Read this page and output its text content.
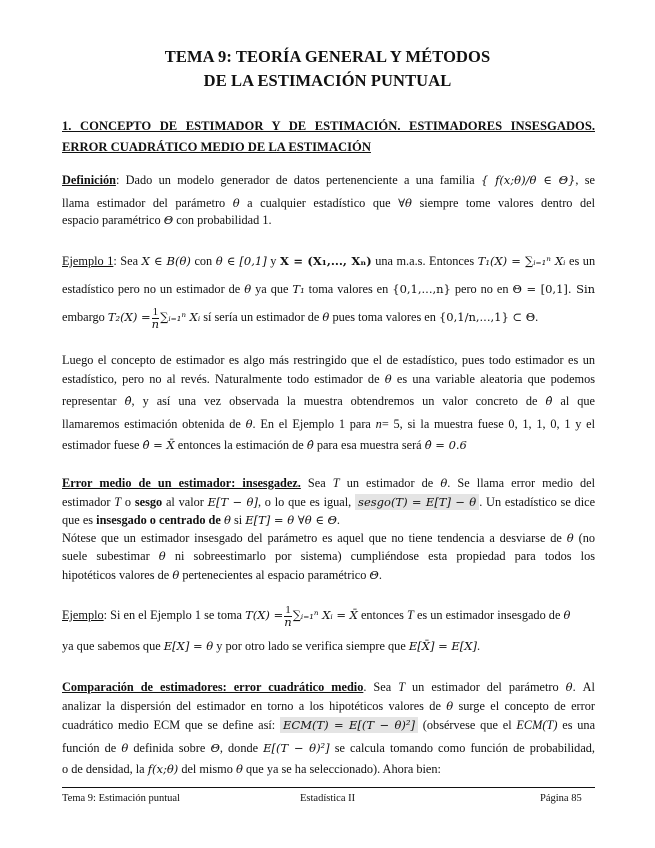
TEMA 9: TEORÍA GENERAL Y MÉTODOS
DE LA ESTIMACIÓN PUNTUAL
1. CONCEPTO DE ESTIMADOR Y DE ESTIMACIÓN. ESTIMADORES INSESGADOS. ERROR CUADRÁTICO MEDIO DE LA ESTIMACIÓN
Definición: Dado un modelo generador de datos pertenenciente a una familia { f(x;θ)/θ ∈ Θ}, se
llama estimador del parámetro θ a cualquier estadístico que ∀θ siempre tome valores dentro del
espacio paramétrico Θ con probabilidad 1.
Ejemplo 1: Sea X ∈ B(θ) con θ ∈ [0,1] y X = (X₁,..., Xₙ) una m.a.s. Entonces T₁(X) = ∑ᵢ₌₁ⁿ Xᵢ es un
estadístico pero no un estimador de θ ya que T₁ toma valores en {0,1,...,n} pero no en Θ = [0,1]. Sin
embargo $T_2(X) = \frac{1}{n}$ ∑ᵢ₌₁ⁿ Xᵢ sí sería un estimador de θ pues toma valores en {0,1/n,...,1} ⊂ Θ.
Luego el concepto de estimador es algo más restringido que el de estadístico, pues todo estimador es un
estadístico, pero no al revés. Naturalmente todo estimador de θ es una variable aleatoria que podemos
representar θ̂, y así una vez observada la muestra obtendremos un valor concreto de θ̂ al que
llamaremos estimación obtenida de θ. En el Ejemplo 1 para n= 5, si la muestra fuese 0, 1, 1, 0, 1 y el
estimador fuese θ̂ = X̄ entonces la estimación de θ̂ para esa muestra será θ̂ = 0.6
Error medio de un estimador: insesgadez. Sea T un estimador de θ. Se llama error medio del
estimador T o sesgo al valor E[T − θ], o lo que es igual, sesgo(T) = E[T] − θ . Un estadístico se dice
que es insesgado o centrado de θ si E[T] = θ ∀θ ∈ Θ.
Nótese que un estimador insesgado del parámetro es aquel que no tiene tendencia a desviarse de θ (no
suele subestimar θ ni sobreestimarlo por sistema) cumpliéndose esta propiedad para todos los
hipotéticos valores de θ pertenecientes al espacio paramétrico Θ.
Ejemplo: Si en el Ejemplo 1 se toma $T(X) = \frac{1}{n}$ ∑ᵢ₌₁ⁿ Xᵢ = X̄ entonces T es un estimador insesgado de θ
ya que sabemos que E[X] = θ y por otro lado se verifica siempre que E[X̄] = E[X].
Comparación de estimadores: error cuadrático medio. Sea T un estimador del parámetro θ. Al
analizar la dispersión del estimador en torno a los hipotéticos valores de θ surge el concepto de error
cuadrático medio ECM que se define así: ECM(T) = E[(T − θ)²] (obsérvese que el ECM(T) es una
función de θ definida sobre Θ, donde E[(T − θ)²] se calcula tomando como función de probabilidad,
o de densidad, la f(x;θ) del mismo θ que ya se ha seleccionado). Ahora bien:
Tema 9: Estimación puntual	Estadística II	Página 85
